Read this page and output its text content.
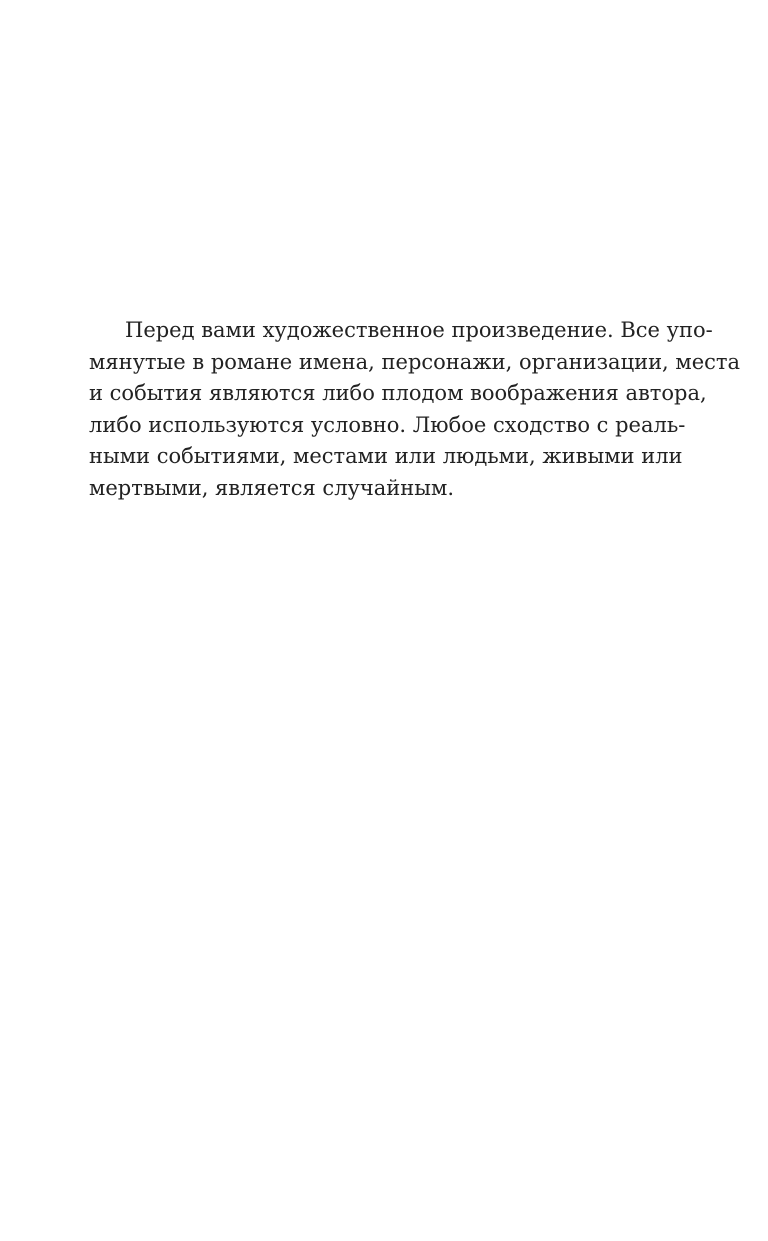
Перед вами художественное произведение. Все упо-
мянутые в романе имена, персонажи, организации, места
и события являются либо плодом воображения автора,
либо используются условно. Любое сходство с реаль-
ными событиями, местами или людьми, живыми или
мертвыми, является случайным.
